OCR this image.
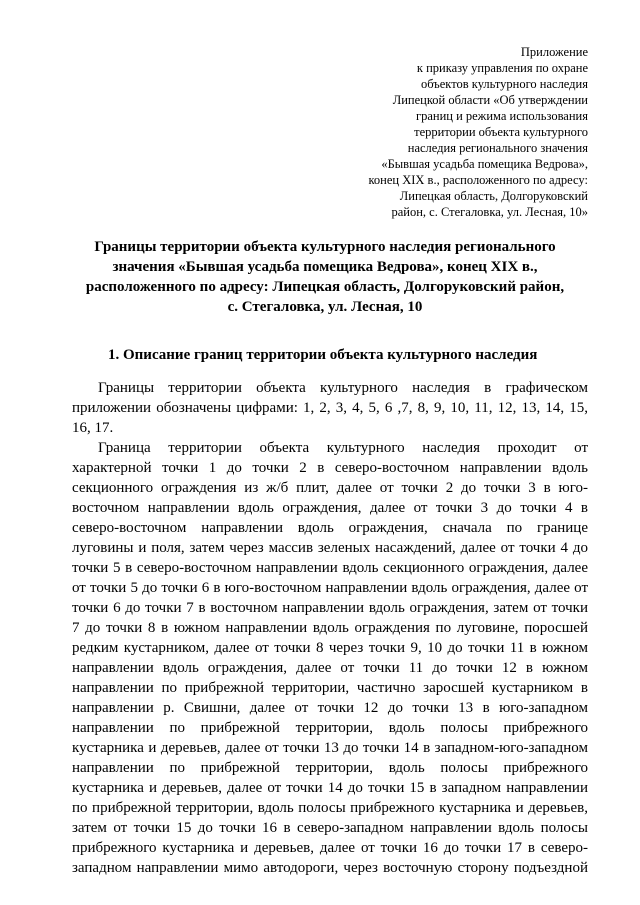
Приложение
к приказу управления по охране
объектов культурного наследия
Липецкой области «Об утверждении
границ и режима использования
территории объекта культурного
наследия регионального значения
«Бывшая усадьба помещика Ведрова»,
конец XIX в., расположенного по адресу:
Липецкая область, Долгоруковский
район, с. Стегаловка, ул. Лесная, 10»
Границы территории объекта культурного наследия регионального
значения «Бывшая усадьба помещика Ведрова», конец XIX в.,
расположенного по адресу: Липецкая область, Долгоруковский район,
с. Стегаловка, ул. Лесная, 10
1. Описание границ территории объекта культурного наследия
Границы территории объекта культурного наследия в графическом
приложении обозначены цифрами: 1, 2, 3, 4, 5, 6 ,7, 8, 9, 10, 11, 12, 13, 14, 15,
16, 17.
Граница территории объекта культурного наследия проходит от
характерной точки 1 до точки 2 в северо-восточном направлении вдоль
секционного ограждения из ж/б плит, далее от точки 2 до точки 3 в юго-
восточном направлении вдоль ограждения, далее от точки 3 до точки 4 в
северо-восточном направлении вдоль ограждения, сначала по границе
луговины и поля, затем через массив зеленых насаждений, далее от точки 4 до
точки 5 в северо-восточном направлении вдоль секционного ограждения, далее
от точки 5 до точки 6 в юго-восточном направлении вдоль ограждения, далее от
точки 6 до точки 7 в восточном направлении вдоль ограждения, затем от точки
7 до точки 8 в южном направлении вдоль ограждения по луговине, поросшей
редким кустарником, далее от точки 8 через точки 9, 10 до точки 11 в южном
направлении вдоль ограждения, далее от точки 11 до точки 12 в южном
направлении по прибрежной территории, частично заросшей кустарником в
направлении р. Свишни, далее от точки 12 до точки 13 в юго-западном
направлении по прибрежной территории, вдоль полосы прибрежного
кустарника и деревьев, далее от точки 13 до точки 14 в западном-юго-западном
направлении по прибрежной территории, вдоль полосы прибрежного
кустарника и деревьев, далее от точки 14 до точки 15 в западном направлении
по прибрежной территории, вдоль полосы прибрежного кустарника и деревьев,
затем от точки 15 до точки 16 в северо-западном направлении вдоль полосы
прибрежного кустарника и деревьев, далее от точки 16 до точки 17 в северо-
западном направлении мимо автодороги, через восточную сторону подъездной
